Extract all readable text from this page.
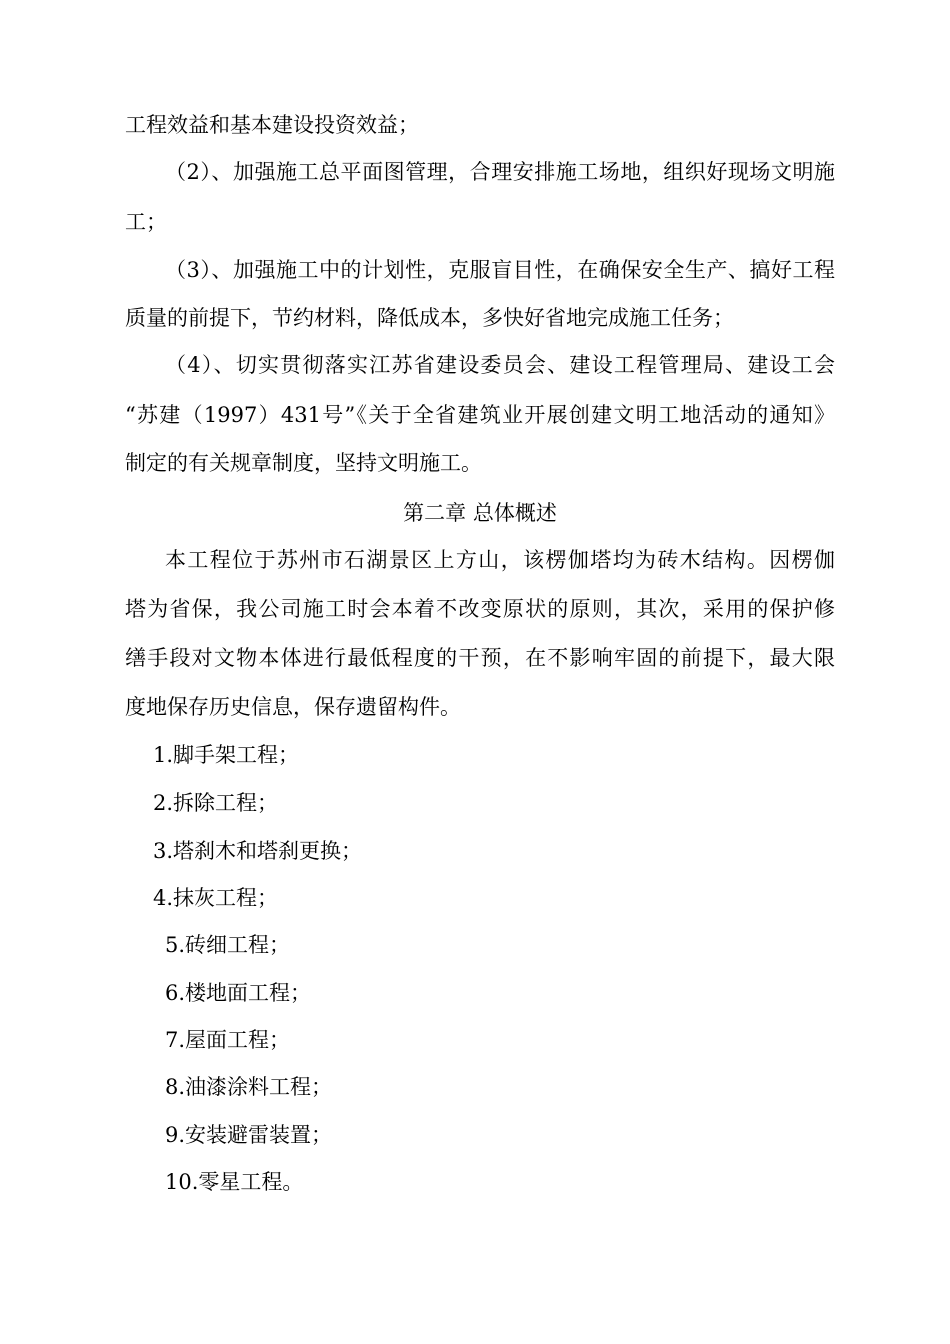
工程效益和基本建设投资效益；
（2）、加强施工总平面图管理，合理安排施工场地，组织好现场文明施
工；
（3）、加强施工中的计划性，克服盲目性，在确保安全生产、搞好工程
质量的前提下，节约材料，降低成本，多快好省地完成施工任务；
（4）、切实贯彻落实江苏省建设委员会、建设工程管理局、建设工会
“苏建（1997）431号”《关于全省建筑业开展创建文明工地活动的通知》
制定的有关规章制度，坚持文明施工。
第二章 总体概述
本工程位于苏州市石湖景区上方山，该楞伽塔均为砖木结构。因楞伽
塔为省保，我公司施工时会本着不改变原状的原则，其次，采用的保护修
缮手段对文物本体进行最低程度的干预，在不影响牢固的前提下，最大限
度地保存历史信息，保存遗留构件。
1.脚手架工程；
2.拆除工程；
3.塔刹木和塔刹更换；
4.抹灰工程；
5.砖细工程；
6.楼地面工程；
7.屋面工程；
8.油漆涂料工程；
9.安装避雷装置；
10.零星工程。
